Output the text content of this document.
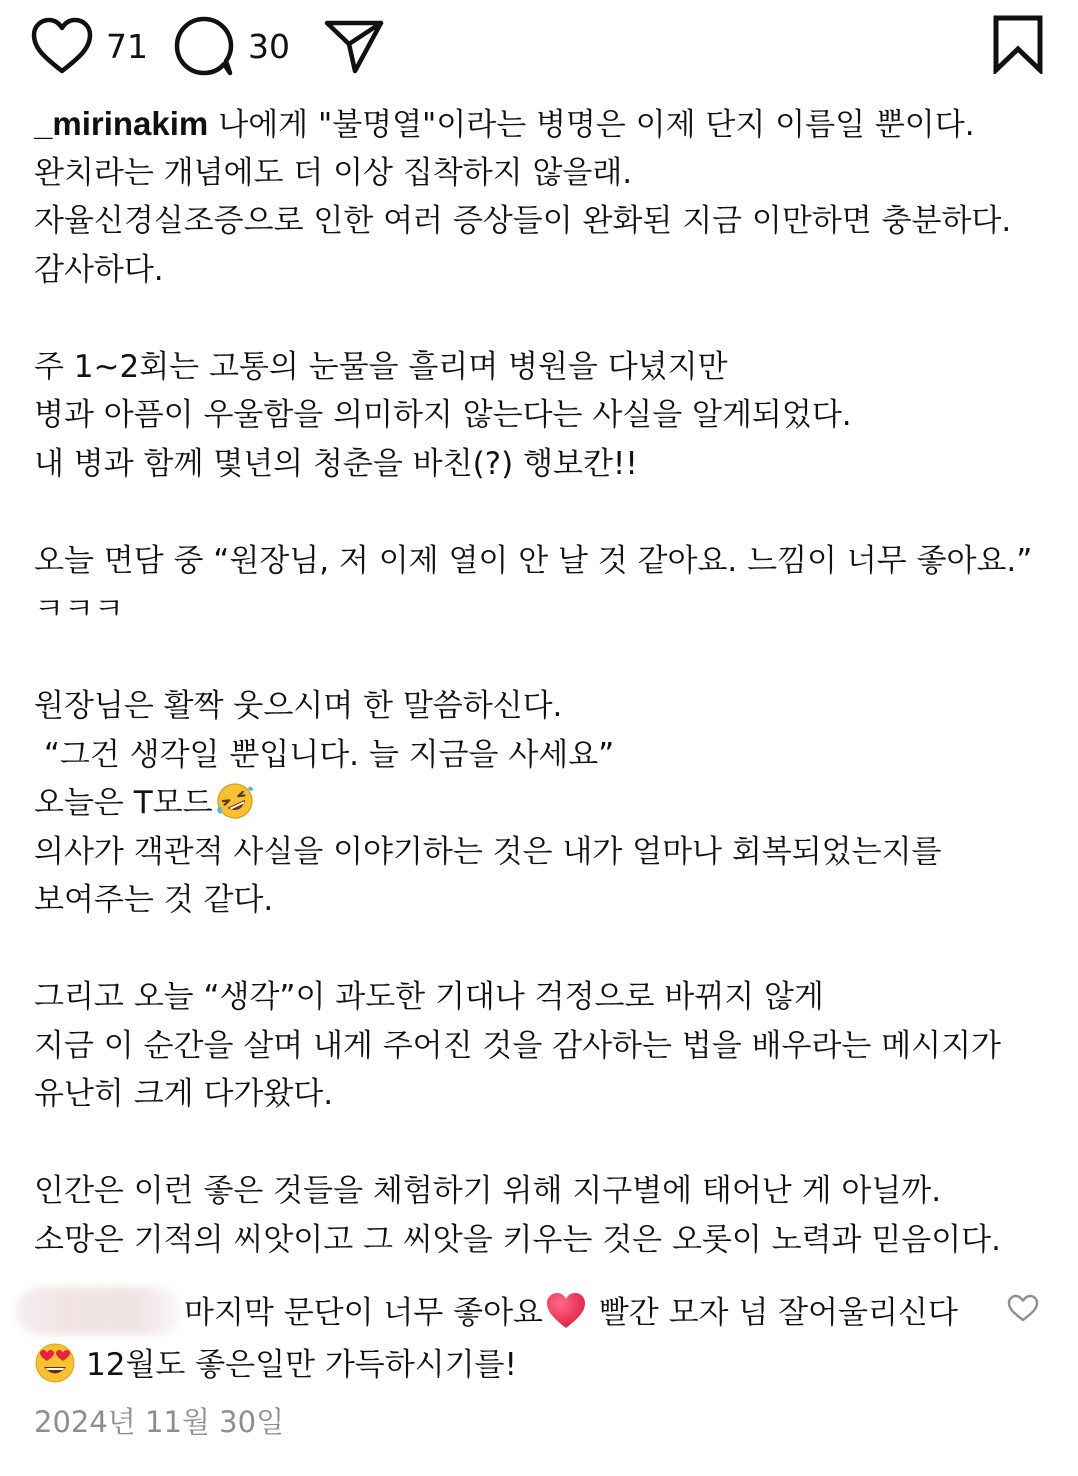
71	30
_mirinakim 나에게 "불명열"이라는 병명은 이제 단지 이름일 뿐이다.
완치라는 개념에도 더 이상 집착하지 않을래.
자율신경실조증으로 인한 여러 증상들이 완화된 지금 이만하면 충분하다.
감사하다.
주 1~2회는 고통의 눈물을 흘리며 병원을 다녔지만
병과 아픔이 우울함을 의미하지 않는다는 사실을 알게되었다.
내 병과 함께 몇년의 청춘을 바친(?) 행보칸!!
오늘 면담 중 “원장님, 저 이제 열이 안 날 것 같아요. 느낌이 너무 좋아요.”
ㅋㅋㅋ
원장님은 활짝 웃으시며 한 말씀하신다.
“그건 생각일 뿐입니다. 늘 지금을 사세요”
오늘은 T모드
의사가 객관적 사실을 이야기하는 것은 내가 얼마나 회복되었는지를
보여주는 것 같다.
그리고 오늘 “생각”이 과도한 기대나 걱정으로 바뀌지 않게
지금 이 순간을 살며 내게 주어진 것을 감사하는 법을 배우라는 메시지가
유난히 크게 다가왔다.
인간은 이런 좋은 것들을 체험하기 위해 지구별에 태어난 게 아닐까.
소망은 기적의 씨앗이고 그 씨앗을 키우는 것은 오롯이 노력과 믿음이다.
마지막 문단이 너무 좋아요 빨간 모자 넘 잘어울리신다
12월도 좋은일만 가득하시기를!
2024년 11월 30일
